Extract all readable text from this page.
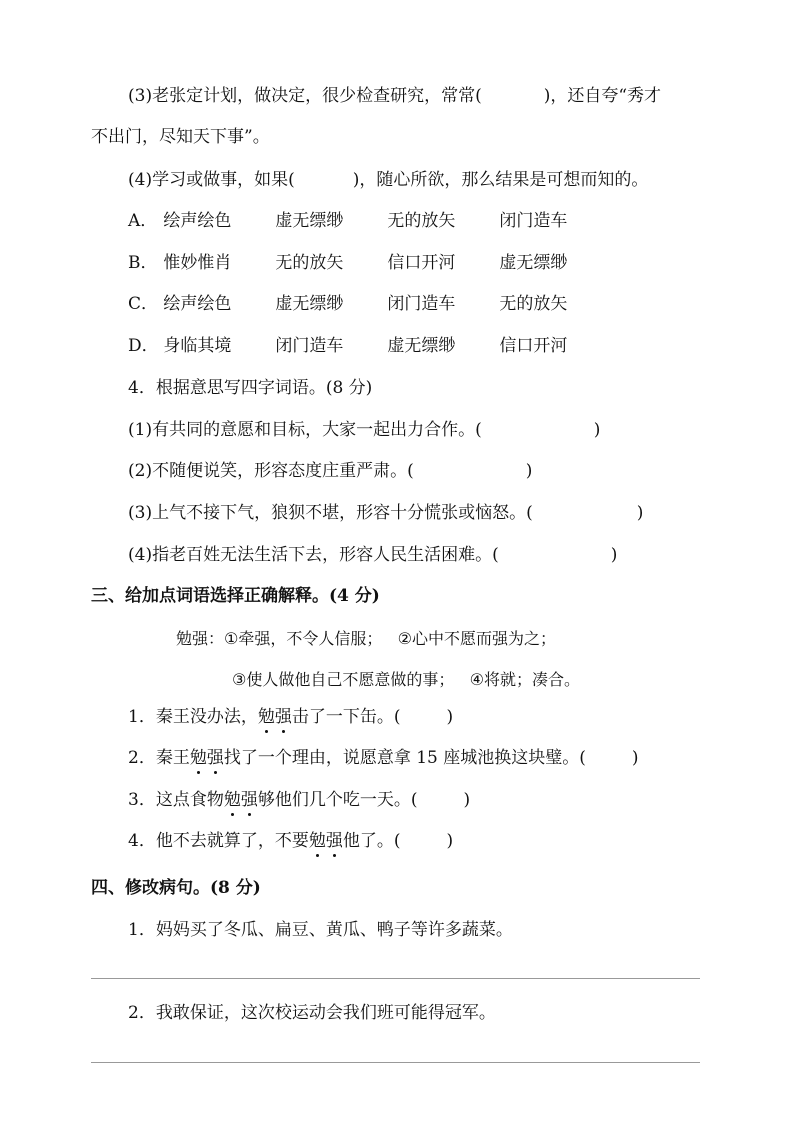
(3)老张定计划，做决定，很少检查研究，常常(	)，还自夸“秀才
不出门，尽知天下事”。
(4)学习或做事，如果(	)，随心所欲，那么结果是可想而知的。
A． 绘声绘色	虚无缥缈	无的放矢	闭门造车
B． 惟妙惟肖	无的放矢	信口开河	虚无缥缈
C． 绘声绘色	虚无缥缈	闭门造车	无的放矢
D． 身临其境	闭门造车	虚无缥缈	信口开河
4．根据意思写四字词语。(8 分)
(1)有共同的意愿和目标，大家一起出力合作。(	)
(2)不随便说笑，形容态度庄重严肃。(	)
(3)上气不接下气，狼狈不堪，形容十分慌张或恼怒。(	)
(4)指老百姓无法生活下去，形容人民生活困难。(	)
三、给加点词语选择正确解释。(4 分)
勉强：①牵强，不令人信服；   ②心中不愿而强为之；
③使人做他自己不愿意做的事；   ④将就；凑合。
1．秦王没办法，勉强击了一下缶。(	)
2．秦王勉强找了一个理由，说愿意拿 15 座城池换这块璧。(	)
3．这点食物勉强够他们几个吃一天。(	)
4．他不去就算了，不要勉强他了。(	)
四、修改病句。(8 分)
1．妈妈买了冬瓜、扁豆、黄瓜、鸭子等许多蔬菜。
2．我敢保证，这次校运动会我们班可能得冠军。
